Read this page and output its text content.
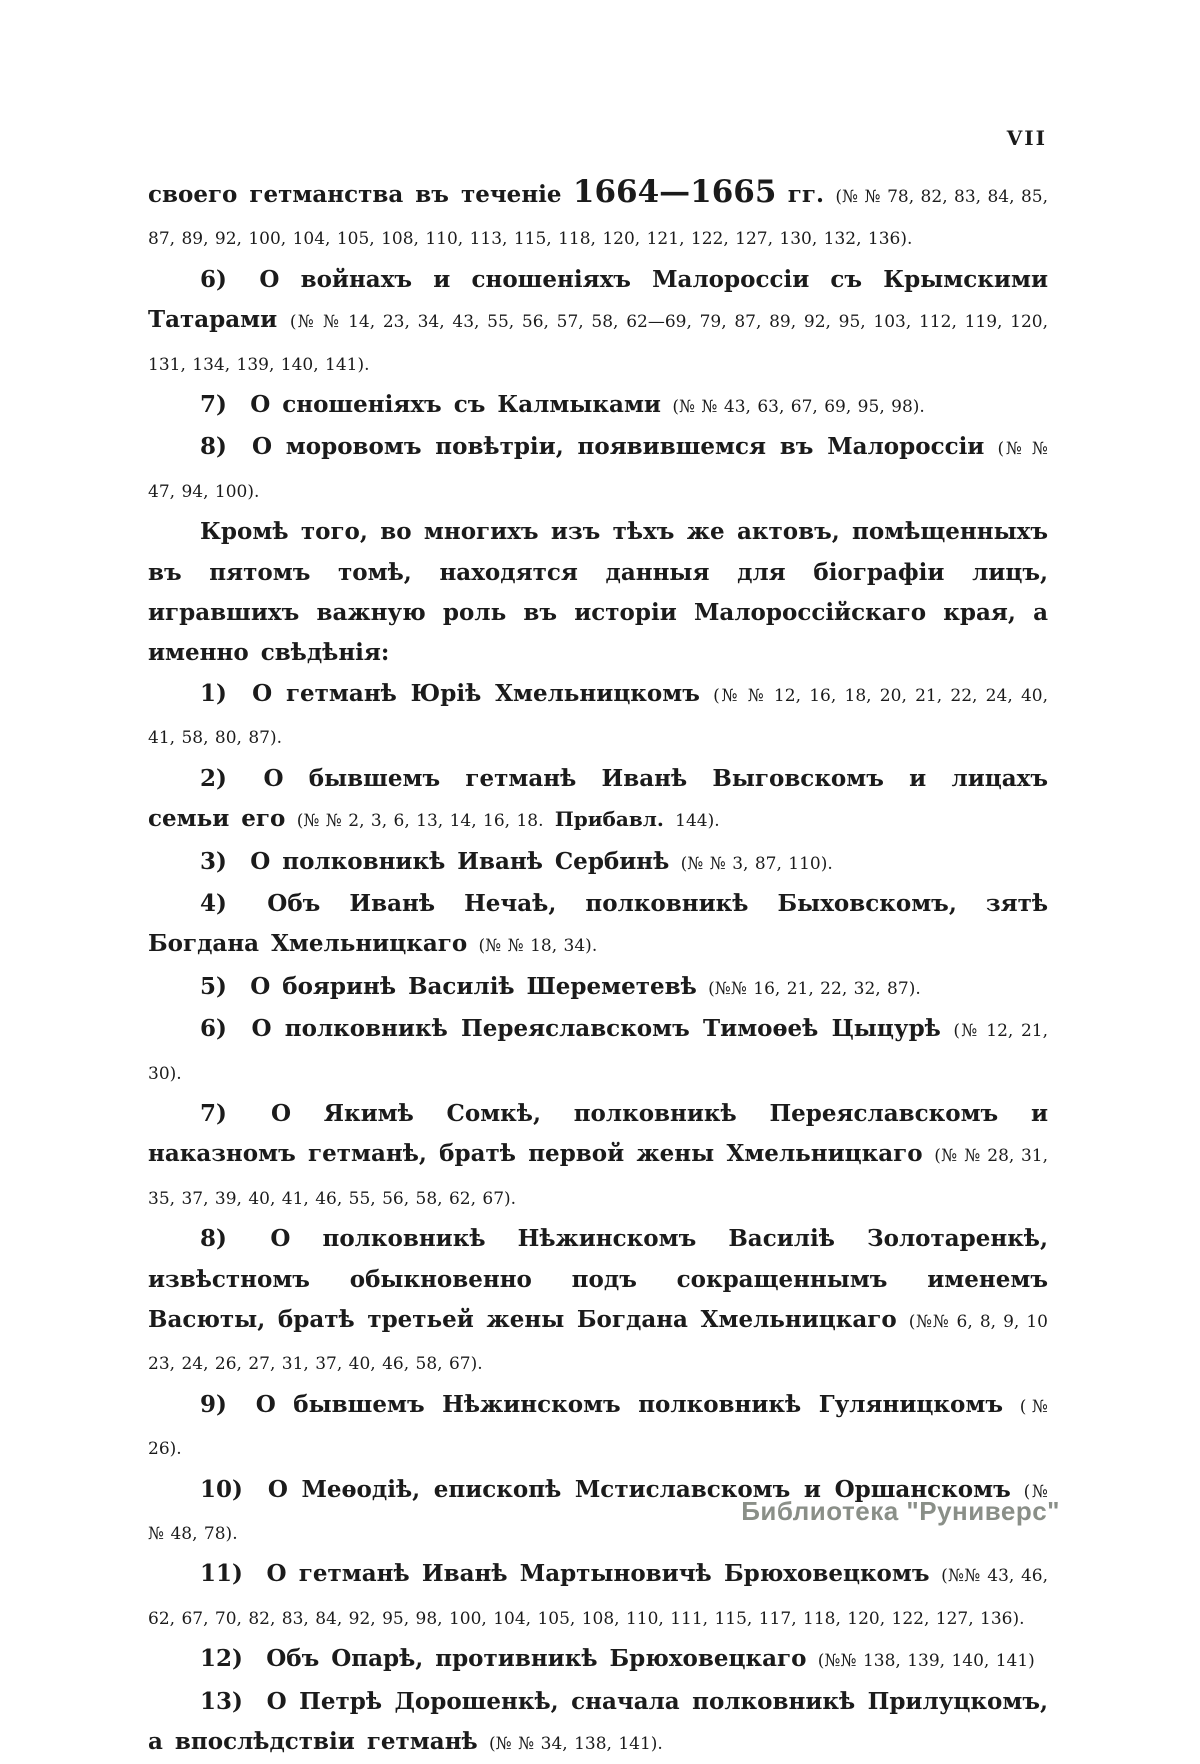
VII

своего гетманства въ теченіе 1664—1665 гг. (№ № 78, 82, 83, 84, 85, 87, 89, 92, 100, 104, 105, 108, 110, 113, 115, 118, 120, 121, 122, 127, 130, 132, 136).

6) О войнахъ и сношеніяхъ Малороссіи съ Крымскими Татарами (№ № 14, 23, 34, 43, 55, 56, 57, 58, 62—69, 79, 87, 89, 92, 95, 103, 112, 119, 120, 131, 134, 139, 140, 141).

7) О сношеніяхъ съ Калмыками (№ № 43, 63, 67, 69, 95, 98).

8) О моровомъ повѣтріи, появившемся въ Малороссіи (№ № 47, 94, 100).

Кромѣ того, во многихъ изъ тѣхъ же актовъ, помѣщенныхъ въ пятомъ томѣ, находятся данныя для біографіи лицъ, игравшихъ важную роль въ исторіи Малороссійскаго края, а именно свѣдѣнія:

1) О гетманѣ Юріѣ Хмельницкомъ (№ № 12, 16, 18, 20, 21, 22, 24, 40, 41, 58, 80, 87).

2) О бывшемъ гетманѣ Иванѣ Выговскомъ и лицахъ семьи его (№ № 2, 3, 6, 13, 14, 16, 18. Прибавл. 144).

3) О полковникѣ Иванѣ Сербинѣ (№ № 3, 87, 110).

4) Объ Иванѣ Нечаѣ, полковникѣ Быховскомъ, зятѣ Богдана Хмельницкаго (№ № 18, 34).

5) О бояринѣ Василіѣ Шереметевѣ (№№ 16, 21, 22, 32, 87).

6) О полковникѣ Переяславскомъ Тимоѳеѣ Цыцурѣ (№ 12, 21, 30).

7) О Якимѣ Сомкѣ, полковникѣ Переяславскомъ и наказномъ гетманѣ, братѣ первой жены Хмельницкаго (№ № 28, 31, 35, 37, 39, 40, 41, 46, 55, 56, 58, 62, 67).

8) О полковникѣ Нѣжинскомъ Василіѣ Золотаренкѣ, извѣстномъ обыкновенно подъ сокращеннымъ именемъ Васюты, братѣ третьей жены Богдана Хмельницкаго (№№ 6, 8, 9, 10 23, 24, 26, 27, 31, 37, 40, 46, 58, 67).

9) О бывшемъ Нѣжинскомъ полковникѣ Гуляницкомъ (№ 26).

10) О Меѳодіѣ, епископѣ Мстиславскомъ и Оршанскомъ (№ № 48, 78).

11) О гетманѣ Иванѣ Мартыновичѣ Брюховецкомъ (№№ 43, 46, 62, 67, 70, 82, 83, 84, 92, 95, 98, 100, 104, 105, 108, 110, 111, 115, 117, 118, 120, 122, 127, 136).

12) Объ Опарѣ, противникѣ Брюховецкаго (№№ 138, 139, 140, 141)

13) О Петрѣ Дорошенкѣ, сначала полковникѣ Прилуцкомъ, а впослѣдствіи гетманѣ (№ № 34, 138, 141).

Библиотека "Руниверс"
